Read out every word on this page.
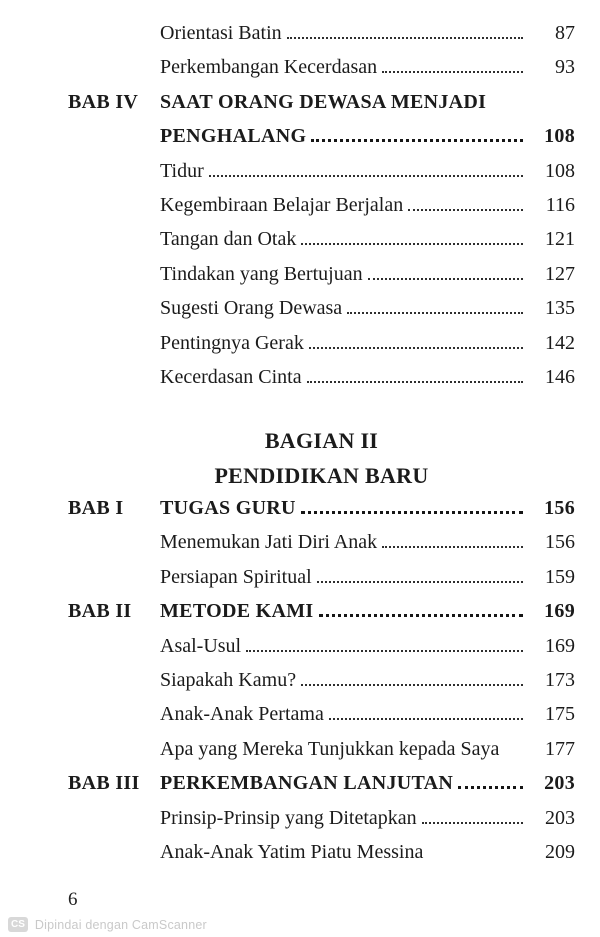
Orientasi Batin	87
Perkembangan Kecerdasan	93
BAB IV	SAAT ORANG DEWASA MENJADI
PENGHALANG	108
Tidur	108
Kegembiraan Belajar Berjalan	116
Tangan dan Otak	121
Tindakan yang Bertujuan	127
Sugesti Orang Dewasa	135
Pentingnya Gerak	142
Kecerdasan Cinta	146
BAGIAN II
PENDIDIKAN BARU
BAB I	TUGAS GURU	156
Menemukan Jati Diri Anak	156
Persiapan Spiritual	159
BAB II	METODE KAMI	169
Asal-Usul	169
Siapakah Kamu?	173
Anak-Anak Pertama	175
Apa yang Mereka Tunjukkan kepada Saya	177
BAB III	PERKEMBANGAN LANJUTAN	203
Prinsip-Prinsip yang Ditetapkan	203
Anak-Anak Yatim Piatu Messina	209
6
CS Dipindai dengan CamScanner
